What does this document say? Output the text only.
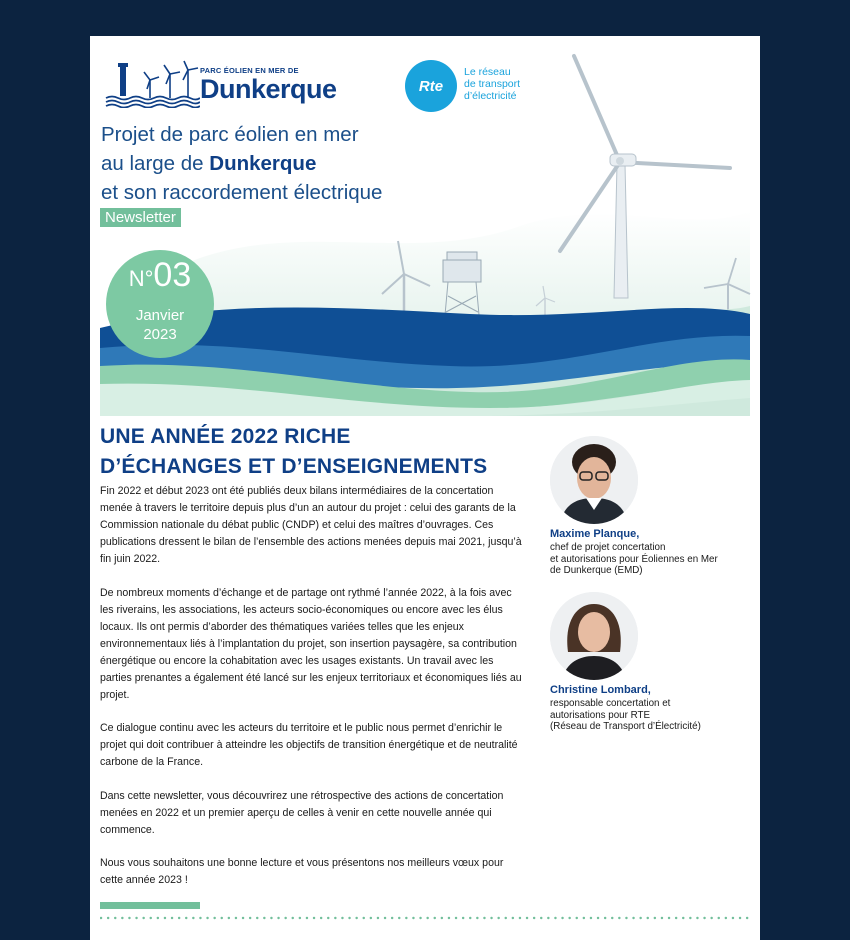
PARC ÉOLIEN EN MER DE
Dunkerque	Rte
Le réseau
de transport
d’électricité
Projet de parc éolien en mer
au large de Dunkerque
et son raccordement électrique
Newsletter
N°03
Janvier
2023
UNE ANNÉE 2022 RICHE
D’ÉCHANGES ET D’ENSEIGNEMENTS

Fin 2022 et début 2023 ont été publiés deux bilans intermédiaires de la concertation menée à travers le territoire depuis plus d’un an autour du projet : celui des garants de la Commission nationale du débat public (CNDP) et celui des maîtres d’ouvrages. Ces publications dressent le bilan de l’ensemble des actions menées depuis mai 2021, jusqu’à fin juin 2022.

De nombreux moments d’échange et de partage ont rythmé l’année 2022, à la fois avec les riverains, les associations, les acteurs socio-économiques ou encore avec les élus locaux. Ils ont permis d’aborder des thématiques variées telles que les enjeux environnementaux liés à l’implantation du projet, son insertion paysagère, sa contribution énergétique ou encore la cohabitation avec les usages existants. Un travail avec les parties prenantes a également été lancé sur les enjeux territoriaux et économiques liés au projet.

Ce dialogue continu avec les acteurs du territoire et le public nous permet d’enrichir le projet qui doit contribuer à atteindre les objectifs de transition énergétique et de neutralité carbone de la France.

Dans cette newsletter, vous découvrirez une rétrospective des actions de concertation menées en 2022 et un premier aperçu de celles à venir en cette nouvelle année qui commence.

Nous vous souhaitons une bonne lecture et vous présentons nos meilleurs vœux pour cette année 2023 !

Maxime Planque,
chef de projet concertation
et autorisations pour Éoliennes en Mer
de Dunkerque (EMD)
Christine Lombard,
responsable concertation et
autorisations pour RTE
(Réseau de Transport d’Électricité)
